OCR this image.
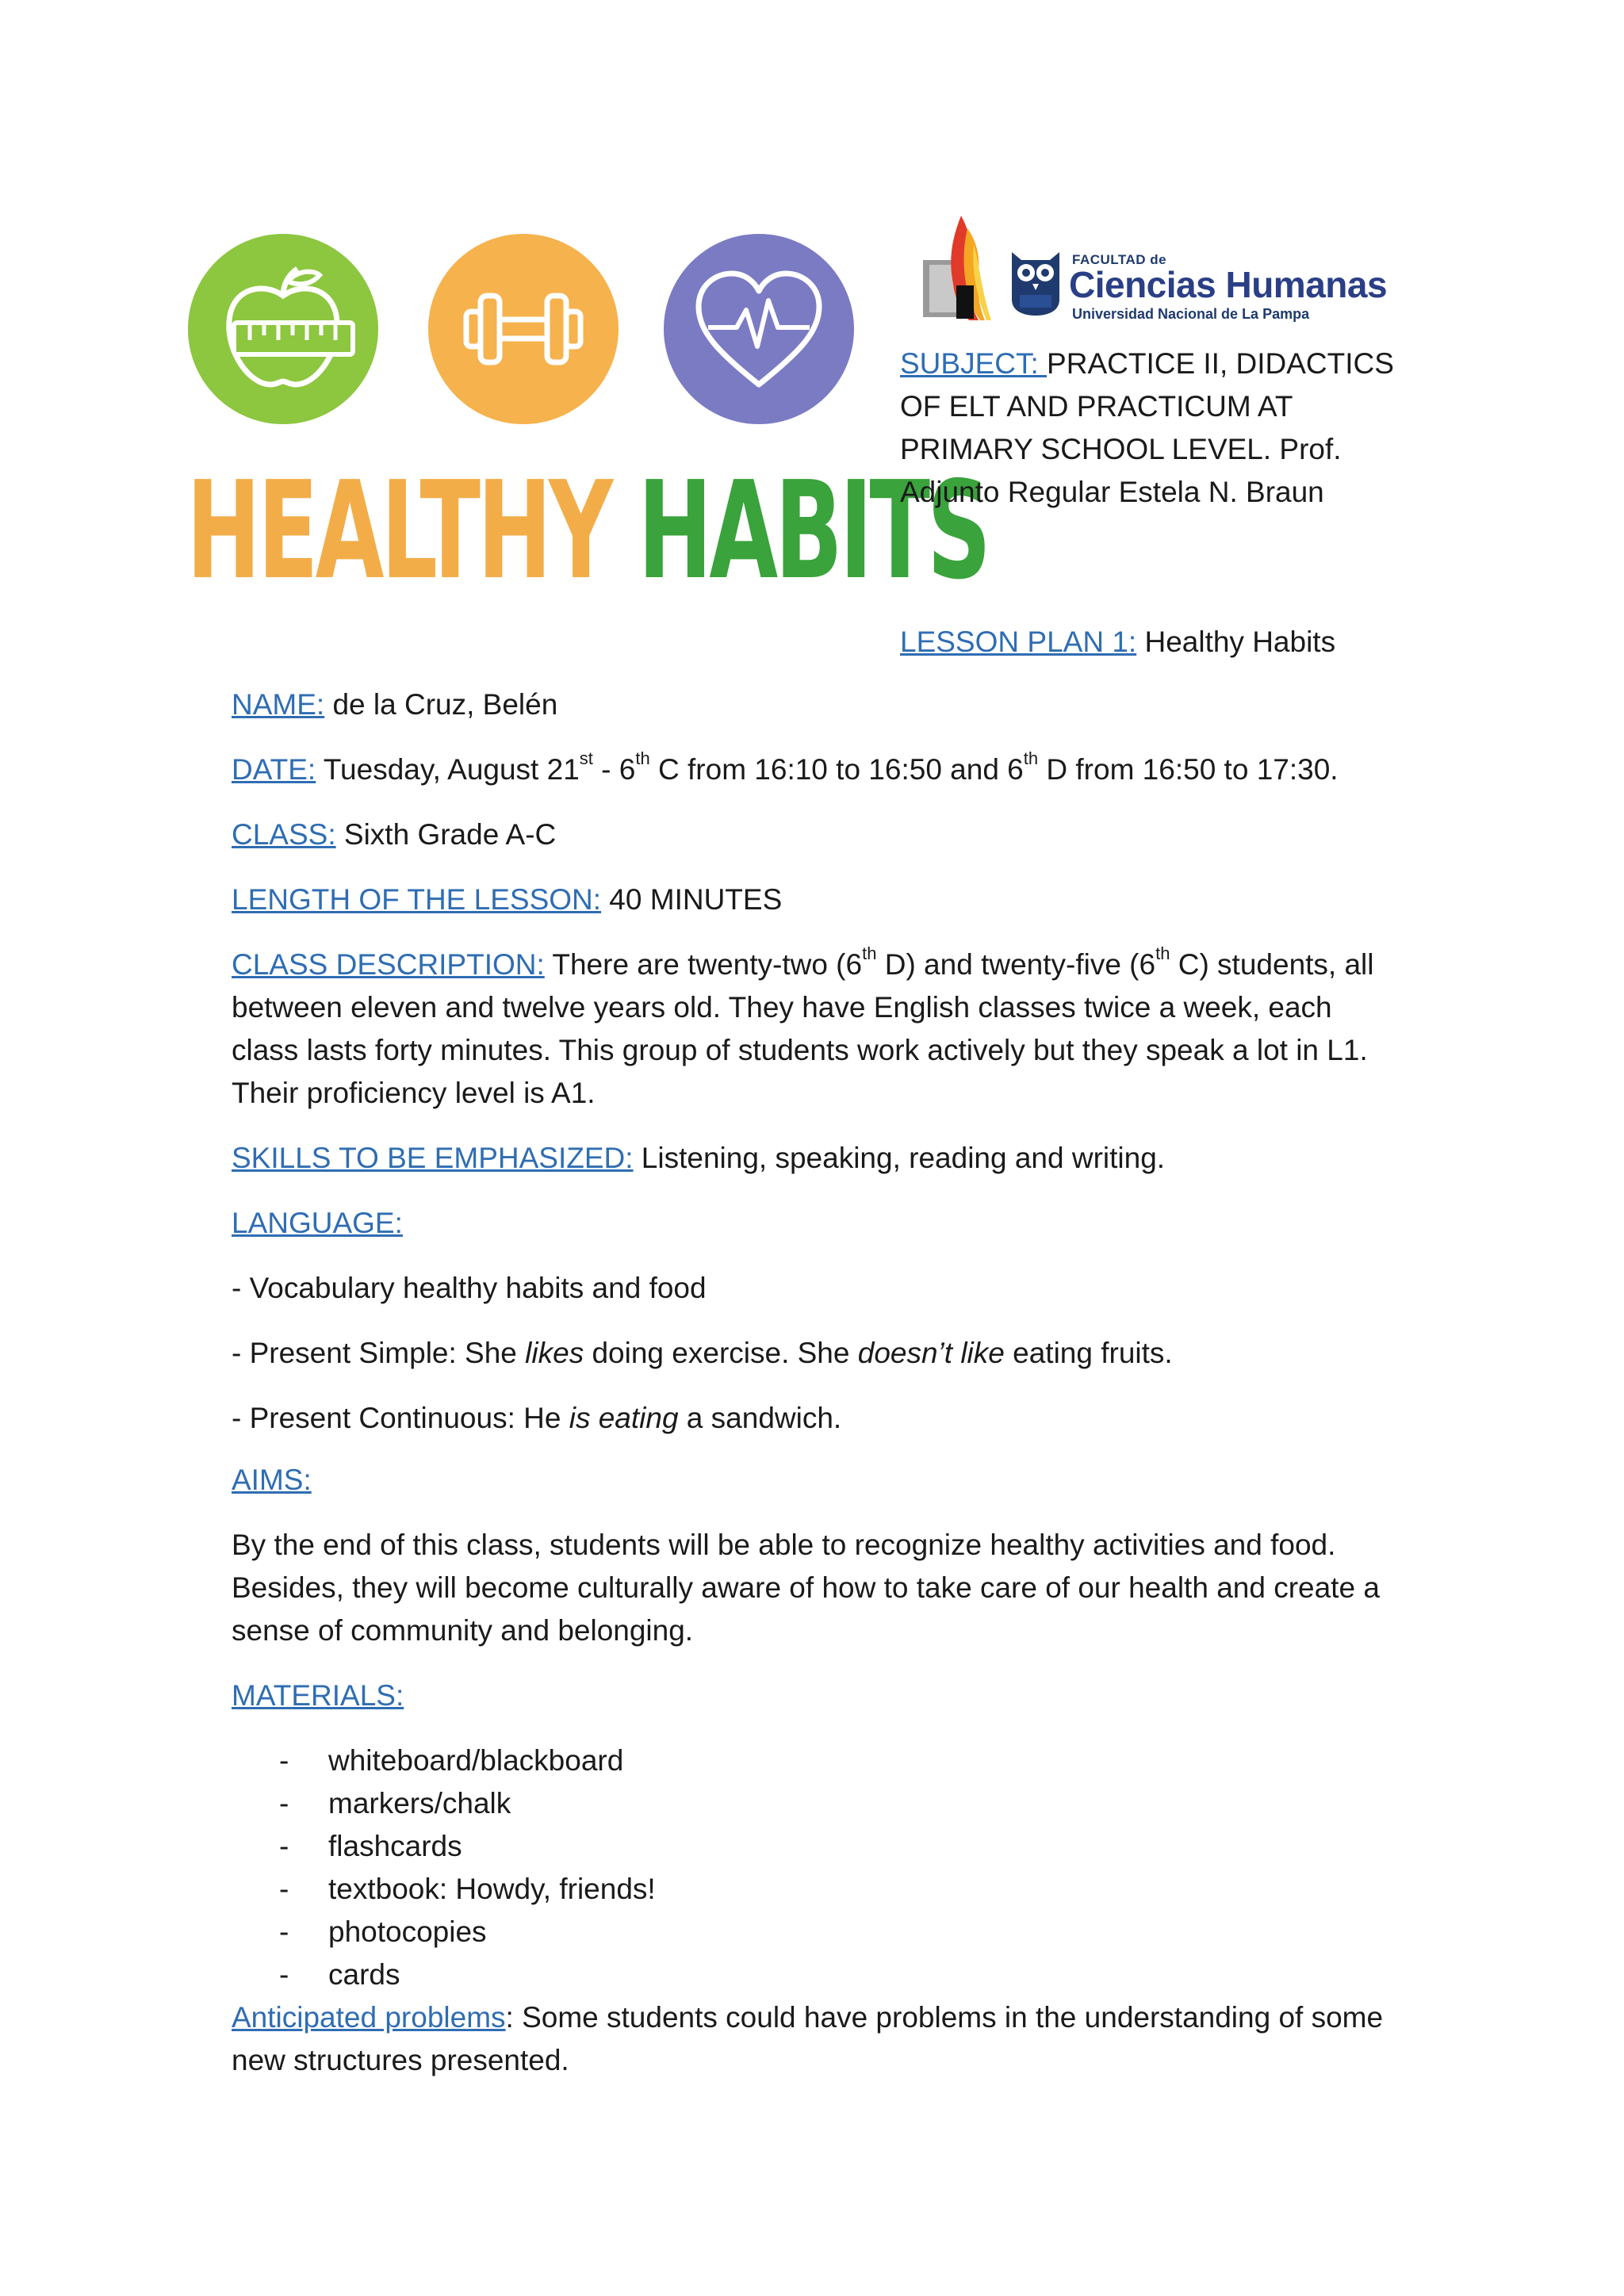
HEALTHY HABITS
FACULTAD de
Ciencias Humanas
Universidad Nacional de La Pampa
SUBJECT: PRACTICE II, DIDACTICS OF ELT AND PRACTICUM AT PRIMARY SCHOOL LEVEL. Prof. Adjunto Regular Estela N. Braun
LESSON PLAN 1: Healthy Habits

NAME: de la Cruz, Belén

DATE: Tuesday, August 21st - 6th C from 16:10 to 16:50 and 6th D from 16:50 to 17:30.

CLASS: Sixth Grade A-C

LENGTH OF THE LESSON: 40 MINUTES

CLASS DESCRIPTION: There are twenty-two (6th D) and twenty-five (6th C) students, all between eleven and twelve years old. They have English classes twice a week, each class lasts forty minutes. This group of students work actively but they speak a lot in L1. Their proficiency level is A1.

SKILLS TO BE EMPHASIZED: Listening, speaking, reading and writing.

LANGUAGE:

- Vocabulary healthy habits and food

- Present Simple: She likes doing exercise. She doesn’t like eating fruits.

- Present Continuous: He is eating a sandwich.

AIMS:

By the end of this class, students will be able to recognize healthy activities and food. Besides, they will become culturally aware of how to take care of our health and create a sense of community and belonging.

MATERIALS:

-	whiteboard/blackboard
-	markers/chalk
-	flashcards
-	textbook: Howdy, friends!
-	photocopies
-	cards

Anticipated problems: Some students could have problems in the understanding of some new structures presented.
